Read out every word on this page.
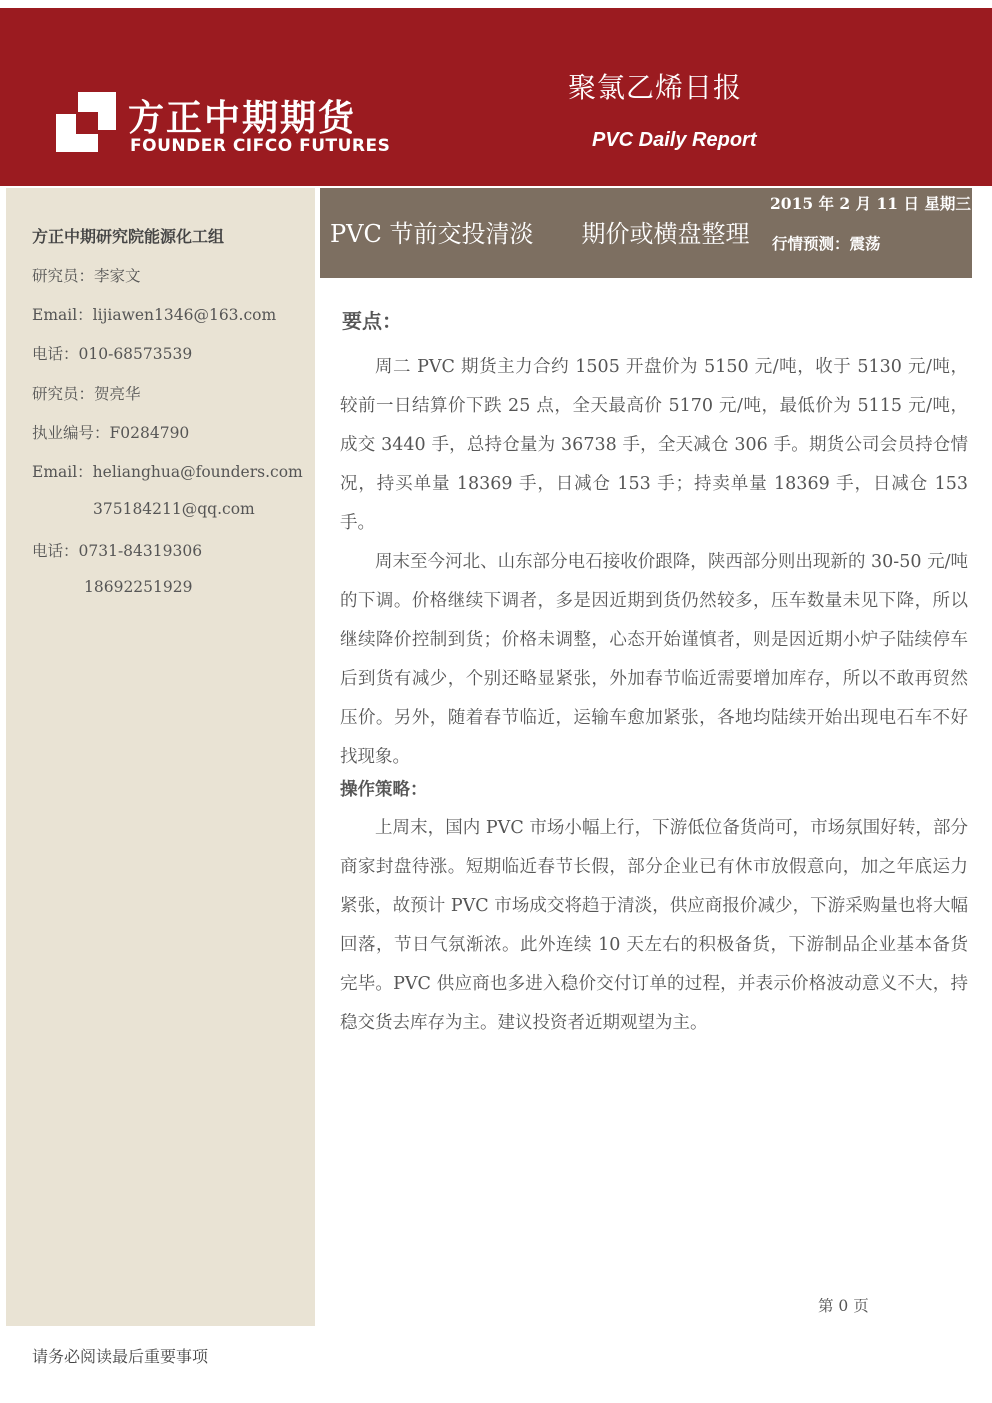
方正中期期货
FOUNDER CIFCO FUTURES
聚氯乙烯日报
PVC Daily Report
方正中期研究院能源化工组
研究员：李家文
Email：lijiawen1346@163.com
电话：010-68573539
研究员：贺亮华
执业编号：F0284790
Email：helianghua@founders.com
375184211@qq.com
电话：0731-84319306
18692251929
PVC 节前交投清淡　　期价或横盘整理
2015 年 2 月 11 日 星期三
行情预测：震荡
要点：

周二 PVC 期货主力合约 1505 开盘价为 5150 元/吨，收于 5130 元/吨，较前一日结算价下跌 25 点，全天最高价 5170 元/吨，最低价为 5115 元/吨，成交 3440 手，总持仓量为 36738 手，全天减仓 306 手。期货公司会员持仓情况，持买单量 18369 手，日减仓 153 手；持卖单量 18369 手，日减仓 153 手。

周末至今河北、山东部分电石接收价跟降，陕西部分则出现新的 30-50 元/吨的下调。价格继续下调者，多是因近期到货仍然较多，压车数量未见下降，所以继续降价控制到货；价格未调整，心态开始谨慎者，则是因近期小炉子陆续停车后到货有减少，个别还略显紧张，外加春节临近需要增加库存，所以不敢再贸然压价。另外，随着春节临近，运输车愈加紧张，各地均陆续开始出现电石车不好找现象。

操作策略：

上周末，国内 PVC 市场小幅上行，下游低位备货尚可，市场氛围好转，部分商家封盘待涨。短期临近春节长假，部分企业已有休市放假意向，加之年底运力紧张，故预计 PVC 市场成交将趋于清淡，供应商报价减少，下游采购量也将大幅回落，节日气氛渐浓。此外连续 10 天左右的积极备货，下游制品企业基本备货完毕。PVC 供应商也多进入稳价交付订单的过程，并表示价格波动意义不大，持稳交货去库存为主。建议投资者近期观望为主。

第 0 页
请务必阅读最后重要事项
